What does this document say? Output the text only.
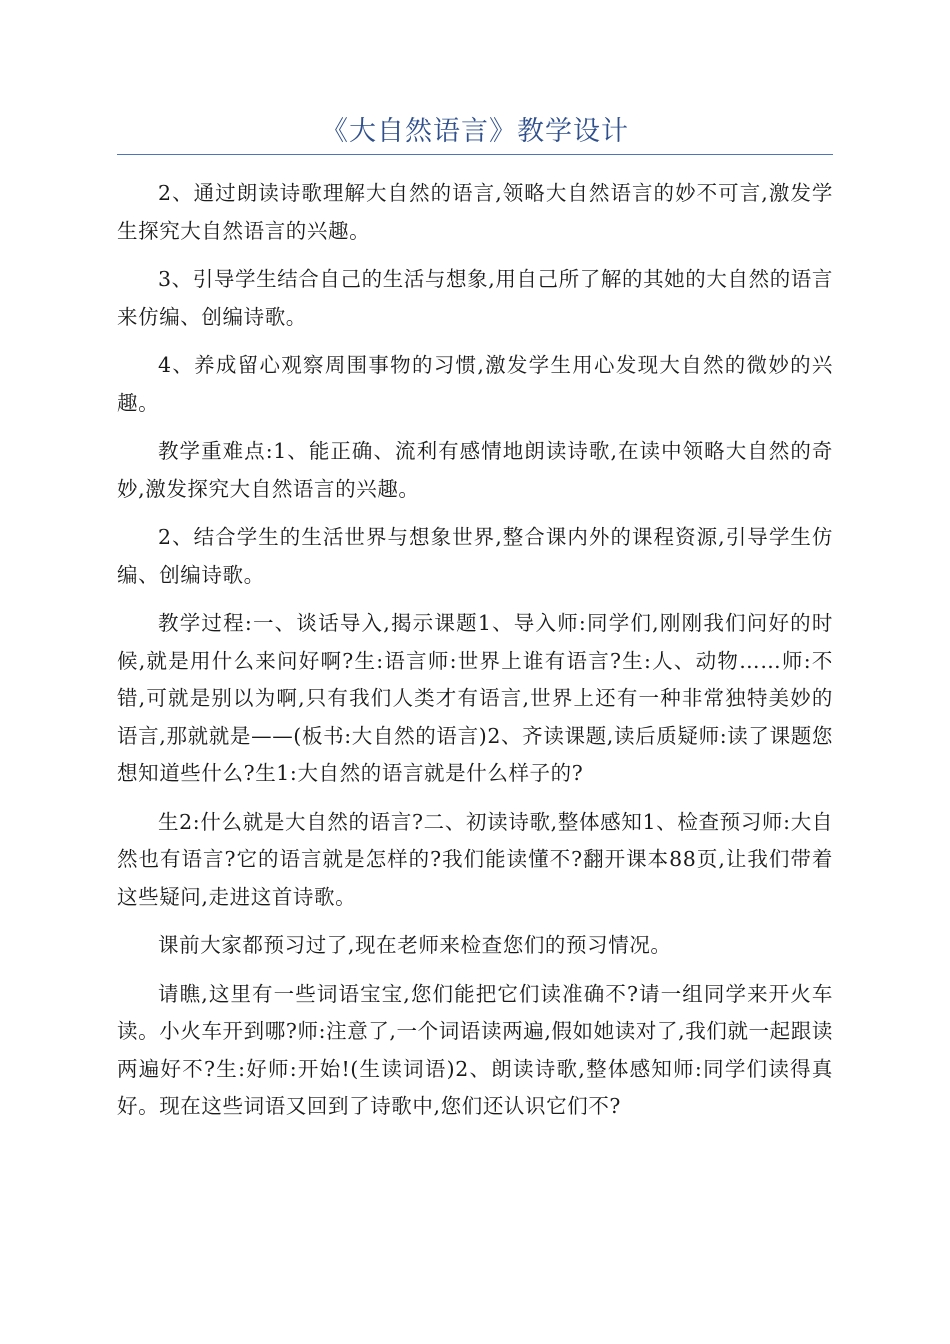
《大自然语言》教学设计

2、通过朗读诗歌理解大自然的语言,领略大自然语言的妙不可言,激发学生探究大自然语言的兴趣。

3、引导学生结合自己的生活与想象,用自己所了解的其她的大自然的语言来仿编、创编诗歌。

4、养成留心观察周围事物的习惯,激发学生用心发现大自然的微妙的兴趣。

教学重难点:1、能正确、流利有感情地朗读诗歌,在读中领略大自然的奇妙,激发探究大自然语言的兴趣。

2、结合学生的生活世界与想象世界,整合课内外的课程资源,引导学生仿编、创编诗歌。

教学过程:一、谈话导入,揭示课题1、导入师:同学们,刚刚我们问好的时候,就是用什么来问好啊?生:语言师:世界上谁有语言?生:人、动物……师:不错,可就是别以为啊,只有我们人类才有语言,世界上还有一种非常独特美妙的语言,那就就是——(板书:大自然的语言)2、齐读课题,读后质疑师:读了课题您想知道些什么?生1:大自然的语言就是什么样子的?

生2:什么就是大自然的语言?二、初读诗歌,整体感知1、检查预习师:大自然也有语言?它的语言就是怎样的?我们能读懂不?翻开课本88页,让我们带着这些疑问,走进这首诗歌。

课前大家都预习过了,现在老师来检查您们的预习情况。

请瞧,这里有一些词语宝宝,您们能把它们读准确不?请一组同学来开火车读。小火车开到哪?师:注意了,一个词语读两遍,假如她读对了,我们就一起跟读两遍好不?生:好师:开始!(生读词语)2、朗读诗歌,整体感知师:同学们读得真好。现在这些词语又回到了诗歌中,您们还认识它们不?
